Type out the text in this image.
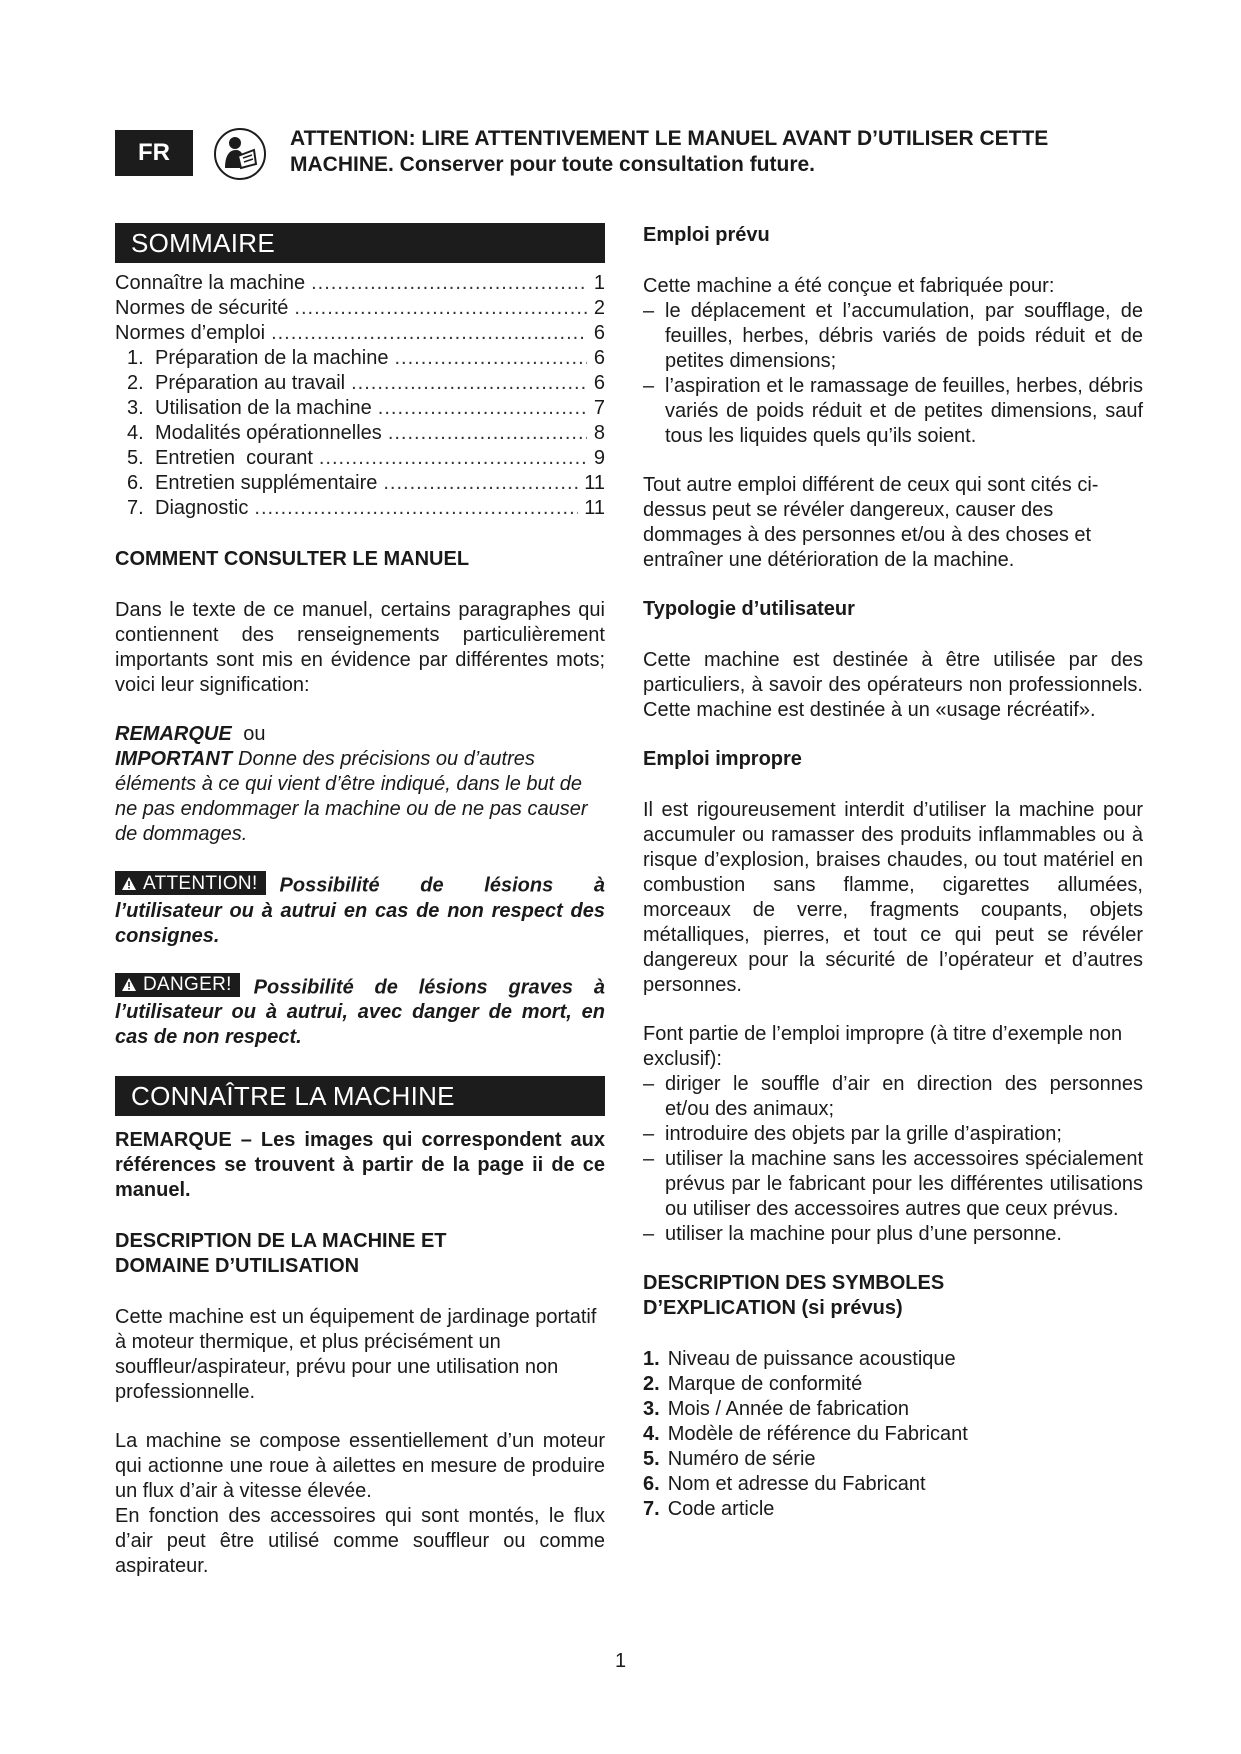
FR
ATTENTION: LIRE ATTENTIVEMENT LE MANUEL AVANT D’UTILISER CETTE
MACHINE. Conserver pour toute consultation future.
SOMMAIRE
Connaître la machine .....	1
Normes de sécurité .....	2
Normes d’emploi .....	6
1. Préparation de la machine .....	6
2. Préparation au travail .....	6
3. Utilisation de la machine .....	7
4. Modalités opérationnelles .....	8
5. Entretien  courant .....	9
6. Entretien supplémentaire .....	11
7. Diagnostic .....	11
COMMENT CONSULTER LE MANUEL

Dans le texte de ce manuel, certains paragraphes qui contiennent des renseignements particulièrement importants sont mis en évidence par différentes mots; voici leur signification:

REMARQUE ou

IMPORTANT Donne des précisions ou d’autres éléments à ce qui vient d’être indiqué, dans le but de ne pas endommager la machine ou de ne pas causer de dommages.

ATTENTION! Possibilité de lésions à l’utilisateur ou à autrui en cas de non respect des consignes.

DANGER! Possibilité de lésions graves à l’utilisateur ou à autrui, avec danger de mort, en cas de non respect.

CONNAÎTRE LA MACHINE

REMARQUE – Les images qui correspondent aux références se trouvent à partir de la page ii de ce manuel.

DESCRIPTION DE LA MACHINE ET
DOMAINE D’UTILISATION

Cette machine est un équipement de jardinage portatif à moteur thermique, et plus précisément un souffleur/aspirateur, prévu pour une utilisation non professionnelle.

La machine se compose essentiellement d’un moteur qui actionne une roue à ailettes en mesure de produire un flux d’air à vitesse élevée.

En fonction des accessoires qui sont montés, le flux d’air peut être utilisé comme souffleur ou comme aspirateur.

Emploi prévu

Cette machine a été conçue et fabriquée pour:

– le déplacement et l’accumulation, par soufflage, de feuilles, herbes, débris variés de poids réduit et de petites dimensions;
– l’aspiration et le ramassage de feuilles, herbes, débris variés de poids réduit et de petites dimensions, sauf tous les liquides quels qu’ils soient.

Tout autre emploi différent de ceux qui sont cités ci-dessus peut se révéler dangereux, causer des dommages à des personnes et/ou à des choses et entraîner une détérioration de la machine.

Typologie d’utilisateur

Cette machine est destinée à être utilisée par des particuliers, à savoir des opérateurs non professionnels. Cette machine est destinée à un «usage récréatif».

Emploi impropre

Il est rigoureusement interdit d’utiliser la machine pour accumuler ou ramasser des produits inflammables ou à risque d’explosion, braises chaudes, ou tout matériel en combustion sans flamme, cigarettes allumées, morceaux de verre, fragments coupants, objets métalliques, pierres, et tout ce qui peut se révéler dangereux pour la sécurité de l’opérateur et d’autres personnes.

Font partie de l’emploi impropre (à titre d’exemple non exclusif):

– diriger le souffle d’air en direction des personnes et/ou des animaux;
– introduire des objets par la grille d’aspiration;
– utiliser la machine sans les accessoires spécialement prévus par le fabricant pour les différentes utilisations ou utiliser des accessoires autres que ceux prévus.
– utiliser la machine pour plus d’une personne.
DESCRIPTION DES SYMBOLES
D’EXPLICATION (si prévus)
1. Niveau de puissance acoustique
2. Marque de conformité
3. Mois / Année de fabrication
4. Modèle de référence du Fabricant
5. Numéro de série
6. Nom et adresse du Fabricant
7. Code article
1
